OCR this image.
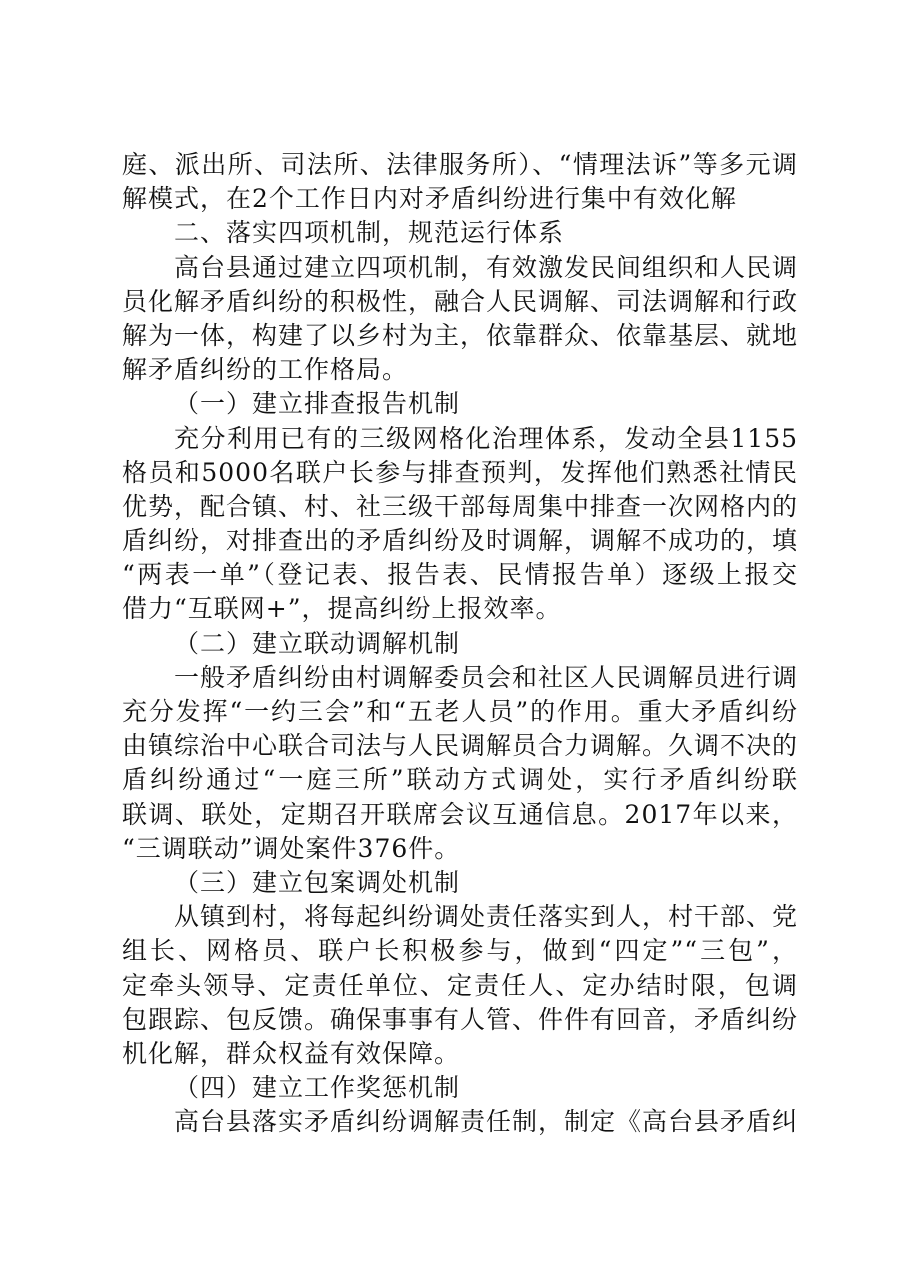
庭、派出所、司法所、法律服务所）、“情理法诉”等多元调
解模式，在2个工作日内对矛盾纠纷进行集中有效化解
二、落实四项机制，规范运行体系
高台县通过建立四项机制，有效激发民间组织和人民调
员化解矛盾纠纷的积极性，融合人民调解、司法调解和行政
解为一体，构建了以乡村为主，依靠群众、依靠基层、就地
解矛盾纠纷的工作格局。
（一）建立排查报告机制
充分利用已有的三级网格化治理体系，发动全县1155
格员和5000名联户长参与排查预判，发挥他们熟悉社情民
优势，配合镇、村、社三级干部每周集中排查一次网格内的
盾纠纷，对排查出的矛盾纠纷及时调解，调解不成功的，填
“两表一单”（登记表、报告表、民情报告单）逐级上报交
借力“互联网+”，提高纠纷上报效率。
（二）建立联动调解机制
一般矛盾纠纷由村调解委员会和社区人民调解员进行调
充分发挥“一约三会”和“五老人员”的作用。重大矛盾纠纷
由镇综治中心联合司法与人民调解员合力调解。久调不决的
盾纠纷通过“一庭三所”联动方式调处，实行矛盾纠纷联
联调、联处，定期召开联席会议互通信息。2017年以来，
“三调联动”调处案件376件。
（三）建立包案调处机制
从镇到村，将每起纠纷调处责任落实到人，村干部、党
组长、网格员、联户长积极参与，做到“四定”“三包”，
定牵头领导、定责任单位、定责任人、定办结时限，包调
包跟踪、包反馈。确保事事有人管、件件有回音，矛盾纠纷
机化解，群众权益有效保障。
（四）建立工作奖惩机制
高台县落实矛盾纠纷调解责任制，制定《高台县矛盾纠
